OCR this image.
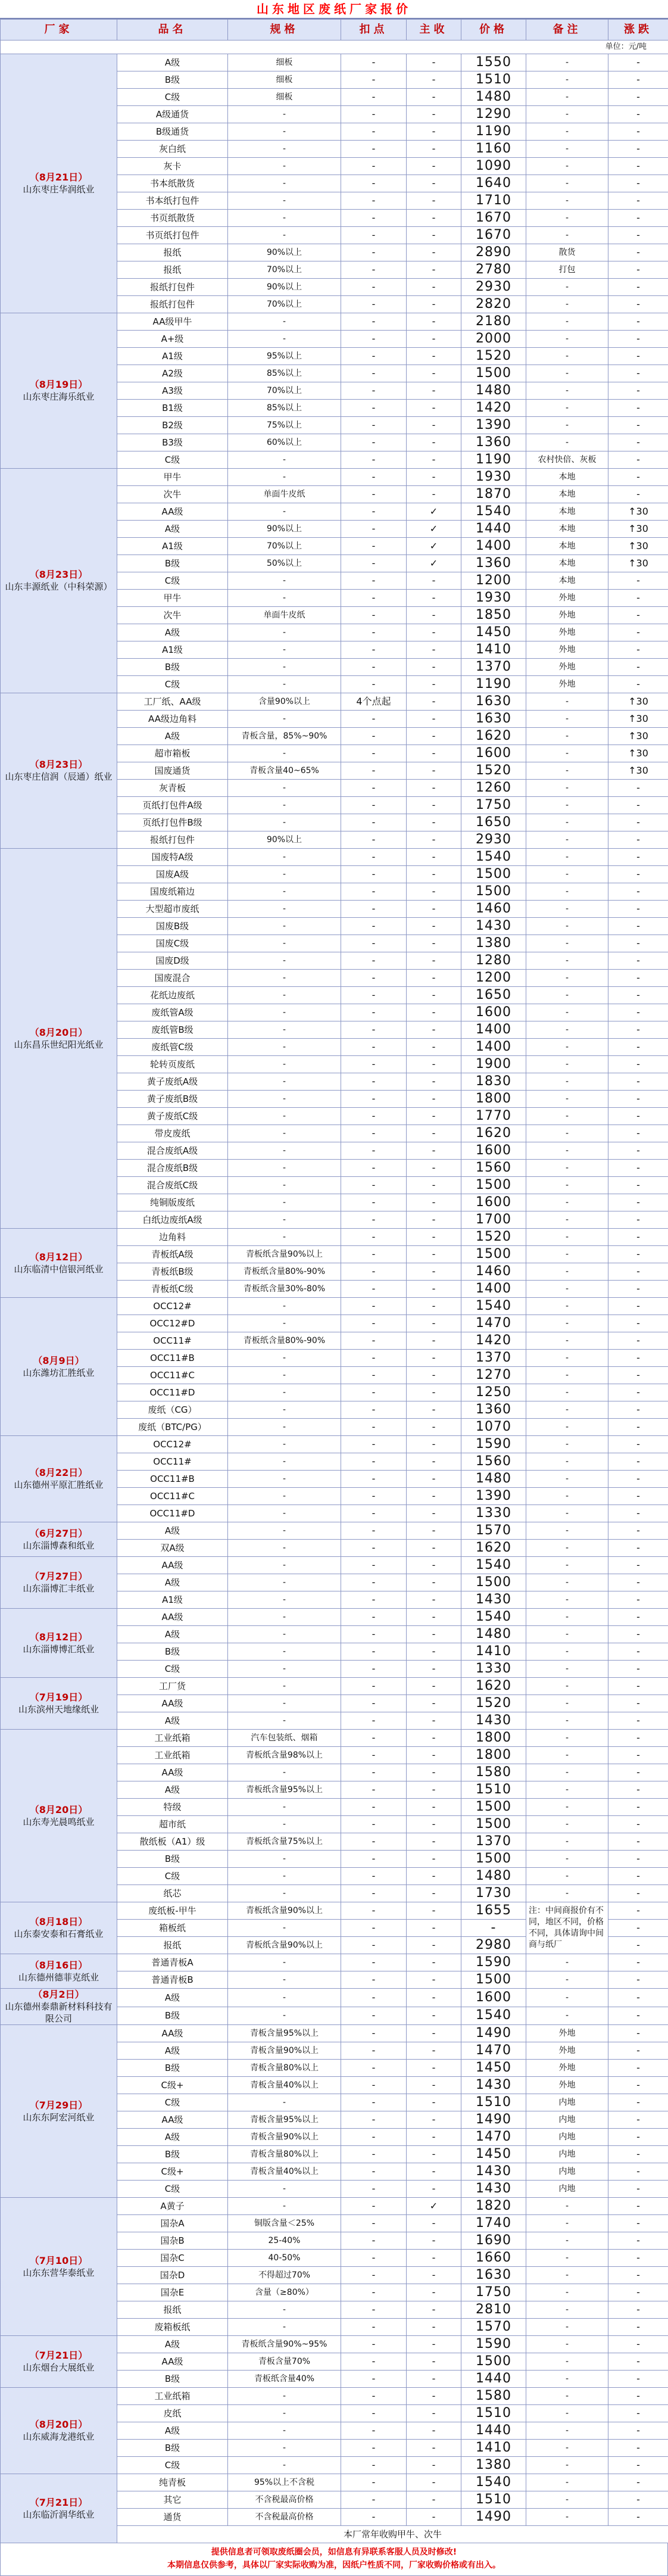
山东地区废纸厂家报价
厂家	品名	规格	扣点	主收	价格	备注	涨跌
单位：元/吨							

（8月21日）
山东枣庄华润纸业	A级	细板	-	-	1550	-	-
	B级	细板	-	-	1510	-	-
	C级	细板	-	-	1480	-	-
	A级通货	-	-	-	1290	-	-
	B级通货	-	-	-	1190	-	-
	灰白纸	-	-	-	1160	-	-
	灰卡	-	-	-	1090	-	-
	书本纸散货	-	-	-	1640	-	-
	书本纸打包件	-	-	-	1710	-	-
	书页纸散货	-	-	-	1670	-	-
	书页纸打包件	-	-	-	1670	-	-
	报纸	90%以上	-	-	2890	散货	-
	报纸	70%以上	-	-	2780	打包	-
	报纸打包件	90%以上	-	-	2930	-	-
	报纸打包件	70%以上	-	-	2820	-	-

（8月19日）
山东枣庄海乐纸业	AA级甲牛	-	-	-	2180	-	-
	A+级	-	-	-	2000	-	-
	A1级	95%以上	-	-	1520	-	-
	A2级	85%以上	-	-	1500	-	-
	A3级	70%以上	-	-	1480	-	-
	B1级	85%以上	-	-	1420	-	-
	B2级	75%以上	-	-	1390	-	-
	B3级	60%以上	-	-	1360	-	-
	C级	-	-	-	1190	农村快倍、灰板	-

（8月23日）
山东丰源纸业（中科荣源）	甲牛	-	-	-	1930	本地	-
	次牛	单面牛皮纸	-	-	1870	本地	-
	AA级	-	-	✓	1540	本地	↑30
	A级	90%以上	-	✓	1440	本地	↑30
	A1级	70%以上	-	✓	1400	本地	↑30
	B级	50%以上	-	✓	1360	本地	↑30
	C级	-	-	-	1200	本地	-
	甲牛	-	-	-	1930	外地	-
	次牛	单面牛皮纸	-	-	1850	外地	-
	A级	-	-	-	1450	外地	-
	A1级	-	-	-	1410	外地	-
	B级	-	-	-	1370	外地	-
	C级	-	-	-	1190	外地	-

（8月23日）
山东枣庄信润（辰通）纸业	工厂纸、AA级	含量90%以上	4个点起	-	1630	-	↑30
	AA级边角料	-	-	-	1630	-	↑30
	A级	青板含量，85%~90%	-	-	1620	-	↑30
	超市箱板	-	-	-	1600	-	↑30
	国废通货	青板含量40~65%	-	-	1520	-	↑30
	灰青板	-	-	-	1260	-	-
	页纸打包件A级	-	-	-	1750	-	-
	页纸打包件B级	-	-	-	1650	-	-
	报纸打包件	90%以上	-	-	2930	-	-

（8月20日）
山东昌乐世纪阳光纸业	国废特A级	-	-	-	1540	-	-
	国废A级	-	-	-	1500	-	-
	国废纸箱边	-	-	-	1500	-	-
	大型超市废纸	-	-	-	1460	-	-
	国废B级	-	-	-	1430	-	-
	国废C级	-	-	-	1380	-	-
	国废D级	-	-	-	1280	-	-
	国废混合	-	-	-	1200	-	-
	花纸边废纸	-	-	-	1650	-	-
	废纸管A级	-	-	-	1600	-	-
	废纸管B级	-	-	-	1400	-	-
	废纸管C级	-	-	-	1400	-	-
	轮转页废纸	-	-	-	1900	-	-
	黄子废纸A级	-	-	-	1830	-	-
	黄子废纸B级	-	-	-	1800	-	-
	黄子废纸C级	-	-	-	1770	-	-
	带皮废纸	-	-	-	1620	-	-
	混合废纸A级	-	-	-	1600	-	-
	混合废纸B级	-	-	-	1560	-	-
	混合废纸C级	-	-	-	1500	-	-
	纯铜版废纸	-	-	-	1600	-	-
	白纸边废纸A级	-	-	-	1700	-	-

（8月12日）
山东临清中信银河纸业	边角料	-	-	-	1520	-	-
	青板纸A级	青板纸含量90%以上	-	-	1500	-	-
	青板纸B级	青板纸含量80%-90%	-	-	1460	-	-
	青板纸C级	青板纸含量30%-80%	-	-	1400	-	-

（8月9日）
山东潍坊汇胜纸业	OCC12#	-	-	-	1540	-	-
	OCC12#D	-	-	-	1470	-	-
	OCC11#	青板纸含量80%-90%	-	-	1420	-	-
	OCC11#B	-	-	-	1370	-	-
	OCC11#C	-	-	-	1270	-	-
	OCC11#D	-	-	-	1250	-	-
	废纸（CG）	-	-	-	1360	-	-
	废纸（BTC/PG）	-	-	-	1070	-	-

（8月22日）
山东德州平原汇胜纸业	OCC12#	-	-	-	1590	-	-
	OCC11#	-	-	-	1560	-	-
	OCC11#B	-	-	-	1480	-	-
	OCC11#C	-	-	-	1390	-	-
	OCC11#D	-	-	-	1330	-	-

（6月27日）
山东淄博森和纸业	A级	-	-	-	1570	-	-
	双A级	-	-	-	1620	-	-

（7月27日）
山东淄博汇丰纸业	AA级	-	-	-	1540	-	-
	A级	-	-	-	1500	-	-
	A1级	-	-	-	1430	-	-

（8月12日）
山东淄博博汇纸业	AA级	-	-	-	1540	-	-
	A级	-	-	-	1480	-	-
	B级	-	-	-	1410	-	-
	C级	-	-	-	1330	-	-

（7月19日）
山东滨州天地缘纸业	工厂货	-	-	-	1620	-	-
	AA级	-	-	-	1520	-	-
	A级	-	-	-	1430	-	-

（8月20日）
山东寿光晨鸣纸业	工业纸箱	汽车包装纸、烟箱	-	-	1800	-	-
	工业纸箱	青板纸含量98%以上	-	-	1800	-	-
	AA级	-	-	-	1580	-	-
	A级	青板纸含量95%以上	-	-	1510	-	-
	特级	-	-	-	1500	-	-
	超市纸	-	-	-	1500	-	-
	散纸板（A1）级	青板纸含量75%以上	-	-	1370	-	-
	B级	-	-	-	1500	-	-
	C级	-	-	-	1480	-	-
	纸芯	-	-	-	1730	-	-

（8月18日）
山东泰安泰和石膏纸业	废纸板-甲牛	青板纸含量90%以上	-	-	1655	注：中间商报价有不同，地区不同，价格不同，具体请询中间商与纸厂	-
	箱板纸	-	-	-	-		-
	报纸	青板纸含量90%以上	-	-	2980		-

（8月16日）
山东德州德菲克纸业	普通青板A	-	-	-	1590	-	-
	普通青板B	-	-	-	1500	-	-

（8月2日）
山东德州泰鼎新材料科技有限公司	A级	-	-	-	1600	-	-
	B级	-	-	-	1540	-	-

（7月29日）
山东东阿宏河纸业	AA级	青板含量95%以上	-	-	1490	外地	-
	A级	青板含量90%以上	-	-	1470	外地	-
	B级	青板含量80%以上	-	-	1450	外地	-
	C级+	青板含量40%以上	-	-	1430	外地	-
	C级	-	-	-	1510	内地	-
	AA级	青板含量95%以上	-	-	1490	内地	-
	A级	青板含量90%以上	-	-	1470	内地	-
	B级	青板含量80%以上	-	-	1450	内地	-
	C级+	青板含量40%以上	-	-	1430	内地	-
	C级	-	-	-	1430	内地	-

（7月10日）
山东东营华泰纸业	A黄子	-	-	✓	1820	-	-
	国杂A	铜版含量＜25%	-	-	1740	-	-
	国杂B	25-40%	-	-	1690	-	-
	国杂C	40-50%	-	-	1660	-	-
	国杂D	不得超过70%	-	-	1630	-	-
	国杂E	含量（≥80%）	-	-	1750	-	-
	报纸	-	-	-	2810	-	-
	废箱板纸	-	-	-	1570	-	-

（7月21日）
山东烟台大展纸业	A级	青板纸含量90%~95%	-	-	1590	-	-
	AA级	青板含量70%	-	-	1500	-	-
	B级	青板纸含量40%	-	-	1440	-	-

（8月20日）
山东威海龙港纸业	工业纸箱	-	-	-	1580	-	-
	皮纸	-	-	-	1510	-	-
	A级	-	-	-	1440	-	-
	B级	-	-	-	1410	-	-
	C级	-	-	-	1380	-	-

（7月21日）
山东临沂润华纸业	纯青板	95%以上不含税	-	-	1540	-	-
	其它	不含税最高价格	-	-	1510	-	-
	通货	不含税最高价格	-	-	1490	-	-
	本厂常年收购甲牛、次牛						
提供信息者可领取废纸圈会员，如信息有异联系客服人员及时修改!
本期信息仅供参考，具体以厂家实际收购为准，因纸户性质不同，厂家收购价格或有出入。
